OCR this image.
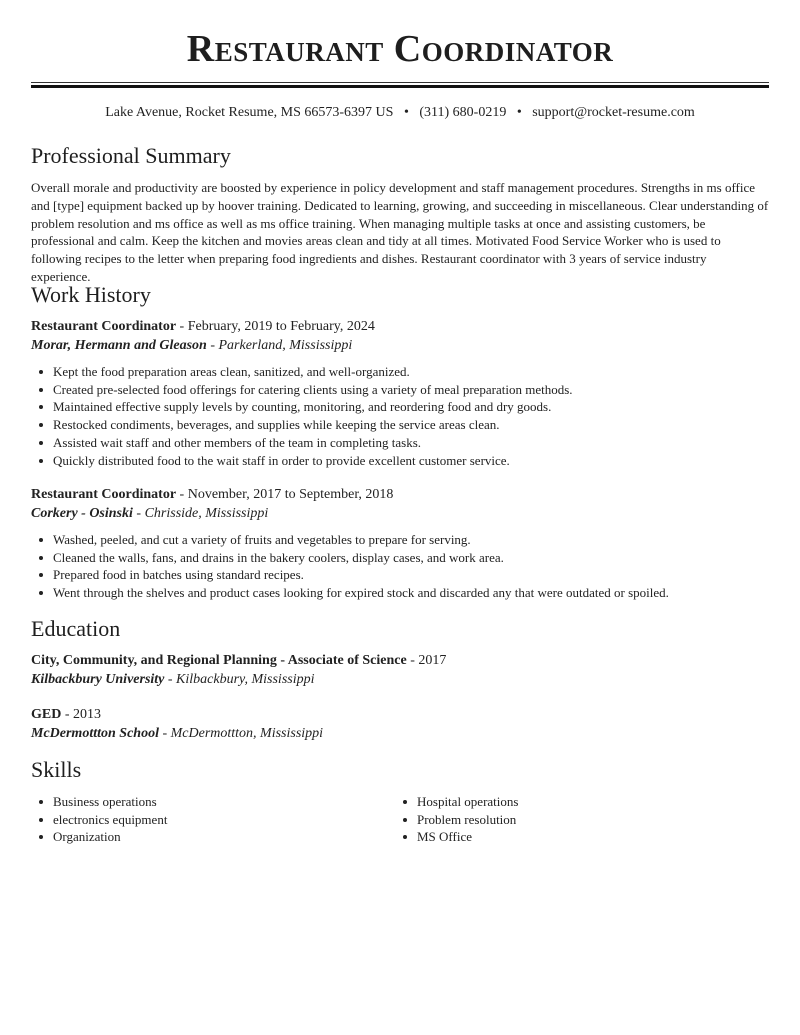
Restaurant Coordinator
Lake Avenue, Rocket Resume, MS 66573-6397 US • (311) 680-0219 • support@rocket-resume.com
Professional Summary

Overall morale and productivity are boosted by experience in policy development and staff management procedures. Strengths in ms office and [type] equipment backed up by hoover training. Dedicated to learning, growing, and succeeding in miscellaneous. Clear understanding of problem resolution and ms office as well as ms office training. When managing multiple tasks at once and assisting customers, be professional and calm. Keep the kitchen and movies areas clean and tidy at all times. Motivated Food Service Worker who is used to following recipes to the letter when preparing food ingredients and dishes. Restaurant coordinator with 3 years of service industry experience.

Work History
Restaurant Coordinator - February, 2019 to February, 2024
Morar, Hermann and Gleason - Parkerland, Mississippi
Kept the food preparation areas clean, sanitized, and well-organized.
Created pre-selected food offerings for catering clients using a variety of meal preparation methods.
Maintained effective supply levels by counting, monitoring, and reordering food and dry goods.
Restocked condiments, beverages, and supplies while keeping the service areas clean.
Assisted wait staff and other members of the team in completing tasks.
Quickly distributed food to the wait staff in order to provide excellent customer service.
Restaurant Coordinator - November, 2017 to September, 2018
Corkery - Osinski - Chrisside, Mississippi
Washed, peeled, and cut a variety of fruits and vegetables to prepare for serving.
Cleaned the walls, fans, and drains in the bakery coolers, display cases, and work area.
Prepared food in batches using standard recipes.
Went through the shelves and product cases looking for expired stock and discarded any that were outdated or spoiled.
Education
City, Community, and Regional Planning - Associate of Science - 2017
Kilbackbury University - Kilbackbury, Mississippi
GED - 2013
McDermottton School - McDermottton, Mississippi
Skills
Business operations
electronics equipment
Organization
Hospital operations
Problem resolution
MS Office
